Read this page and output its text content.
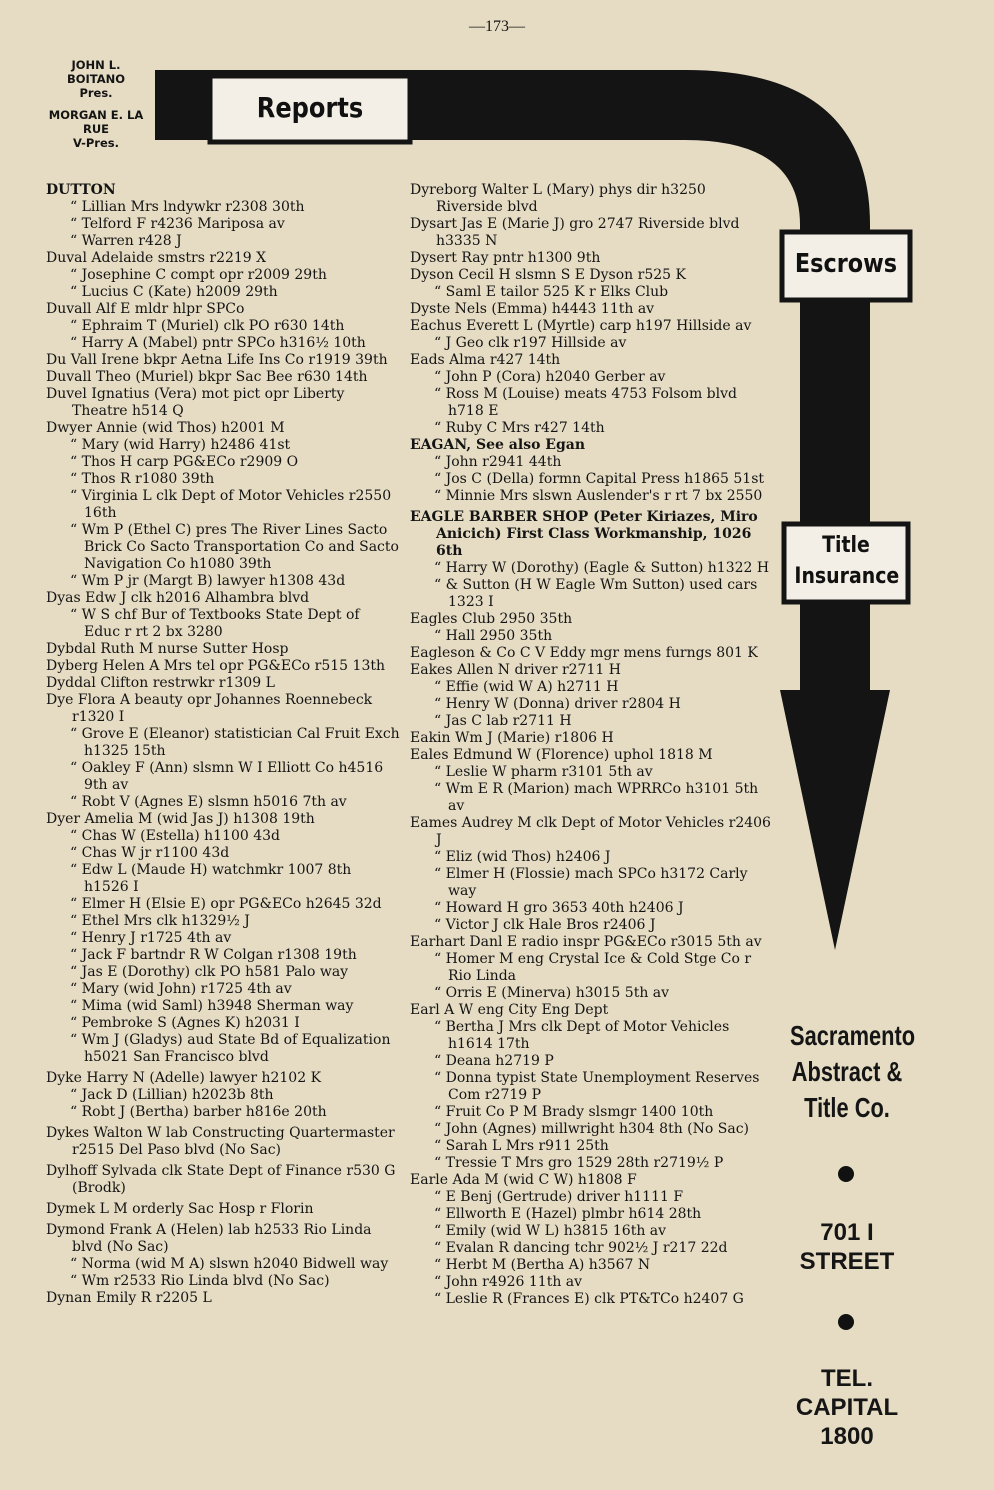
—173—
JOHN L. BOITANO
Pres.
MORGAN E. LA RUE
V-Pres.
Reports
Escrows
Title Insurance
DUTTON
“ Lillian Mrs lndywkr r2308 30th
“ Telford F r4236 Mariposa av
“ Warren r428 J
Duval Adelaide smstrs r2219 X
“ Josephine C compt opr r2009 29th
“ Lucius C (Kate) h2009 29th
Duvall Alf E mldr hlpr SPCo
“ Ephraim T (Muriel) clk PO r630 14th
“ Harry A (Mabel) pntr SPCo h316½ 10th
Du Vall Irene bkpr Aetna Life Ins Co r1919 39th
Duvall Theo (Muriel) bkpr Sac Bee r630 14th
Duvel Ignatius (Vera) mot pict opr Liberty Theatre h514 Q
Dwyer Annie (wid Thos) h2001 M
“ Mary (wid Harry) h2486 41st
“ Thos H carp PG&ECo r2909 O
“ Thos R r1080 39th
“ Virginia L clk Dept of Motor Vehicles r2550 16th
“ Wm P (Ethel C) pres The River Lines Sacto Brick Co Sacto Transportation Co and Sacto Navigation Co h1080 39th
“ Wm P jr (Margt B) lawyer h1308 43d
Dyas Edw J clk h2016 Alhambra blvd
“ W S chf Bur of Textbooks State Dept of Educ r rt 2 bx 3280
Dybdal Ruth M nurse Sutter Hosp
Dyberg Helen A Mrs tel opr PG&ECo r515 13th
Dyddal Clifton restrwkr r1309 L
Dye Flora A beauty opr Johannes Roennebeck r1320 I
“ Grove E (Eleanor) statistician Cal Fruit Exch h1325 15th
“ Oakley F (Ann) slsmn W I Elliott Co h4516 9th av
“ Robt V (Agnes E) slsmn h5016 7th av
Dyer Amelia M (wid Jas J) h1308 19th
“ Chas W (Estella) h1100 43d
“ Chas W jr r1100 43d
“ Edw L (Maude H) watchmkr 1007 8th h1526 I
“ Elmer H (Elsie E) opr PG&ECo h2645 32d
“ Ethel Mrs clk h1329½ J
“ Henry J r1725 4th av
“ Jack F bartndr R W Colgan r1308 19th
“ Jas E (Dorothy) clk PO h581 Palo way
“ Mary (wid John) r1725 4th av
“ Mima (wid Saml) h3948 Sherman way
“ Pembroke S (Agnes K) h2031 I
“ Wm J (Gladys) aud State Bd of Equalization h5021 San Francisco blvd
Dyke Harry N (Adelle) lawyer h2102 K
“ Jack D (Lillian) h2023b 8th
“ Robt J (Bertha) barber h816e 20th
Dykes Walton W lab Constructing Quartermaster r2515 Del Paso blvd (No Sac)
Dylhoff Sylvada clk State Dept of Finance r530 G (Brodk)
Dymek L M orderly Sac Hosp r Florin
Dymond Frank A (Helen) lab h2533 Rio Linda blvd (No Sac)
“ Norma (wid M A) slswn h2040 Bidwell way
“ Wm r2533 Rio Linda blvd (No Sac)
Dynan Emily R r2205 L
Dyreborg Walter L (Mary) phys dir h3250 Riverside blvd
Dysart Jas E (Marie J) gro 2747 Riverside blvd h3335 N
Dysert Ray pntr h1300 9th
Dyson Cecil H slsmn S E Dyson r525 K
“ Saml E tailor 525 K r Elks Club
Dyste Nels (Emma) h4443 11th av
Eachus Everett L (Myrtle) carp h197 Hillside av
“ J Geo clk r197 Hillside av
Eads Alma r427 14th
“ John P (Cora) h2040 Gerber av
“ Ross M (Louise) meats 4753 Folsom blvd h718 E
“ Ruby C Mrs r427 14th
EAGAN, See also Egan
“ John r2941 44th
“ Jos C (Della) formn Capital Press h1865 51st
“ Minnie Mrs slswn Auslender's r rt 7 bx 2550
EAGLE BARBER SHOP (Peter Kiriazes, Miro Anicich) First Class Workmanship, 1026 6th
“ Harry W (Dorothy) (Eagle & Sutton) h1322 H
“ & Sutton (H W Eagle Wm Sutton) used cars 1323 I
Eagles Club 2950 35th
“ Hall 2950 35th
Eagleson & Co C V Eddy mgr mens furngs 801 K
Eakes Allen N driver r2711 H
“ Effie (wid W A) h2711 H
“ Henry W (Donna) driver r2804 H
“ Jas C lab r2711 H
Eakin Wm J (Marie) r1806 H
Eales Edmund W (Florence) uphol 1818 M
“ Leslie W pharm r3101 5th av
“ Wm E R (Marion) mach WPRRCo h3101 5th av
Eames Audrey M clk Dept of Motor Vehicles r2406 J
“ Eliz (wid Thos) h2406 J
“ Elmer H (Flossie) mach SPCo h3172 Carly way
“ Howard H gro 3653 40th h2406 J
“ Victor J clk Hale Bros r2406 J
Earhart Danl E radio inspr PG&ECo r3015 5th av
“ Homer M eng Crystal Ice & Cold Stge Co r Rio Linda
“ Orris E (Minerva) h3015 5th av
Earl A W eng City Eng Dept
“ Bertha J Mrs clk Dept of Motor Vehicles h1614 17th
“ Deana h2719 P
“ Donna typist State Unemployment Reserves Com r2719 P
“ Fruit Co P M Brady slsmgr 1400 10th
“ John (Agnes) millwright h304 8th (No Sac)
“ Sarah L Mrs r911 25th
“ Tressie T Mrs gro 1529 28th r2719½ P
Earle Ada M (wid C W) h1808 F
“ E Benj (Gertrude) driver h1111 F
“ Ellworth E (Hazel) plmbr h614 28th
“ Emily (wid W L) h3815 16th av
“ Evalan R dancing tchr 902½ J r217 22d
“ Herbt M (Bertha A) h3567 N
“ John r4926 11th av
“ Leslie R (Frances E) clk PT&TCo h2407 G
Sacramento Abstract & Title Co.
701 I STREET
TEL. CAPITAL 1800
